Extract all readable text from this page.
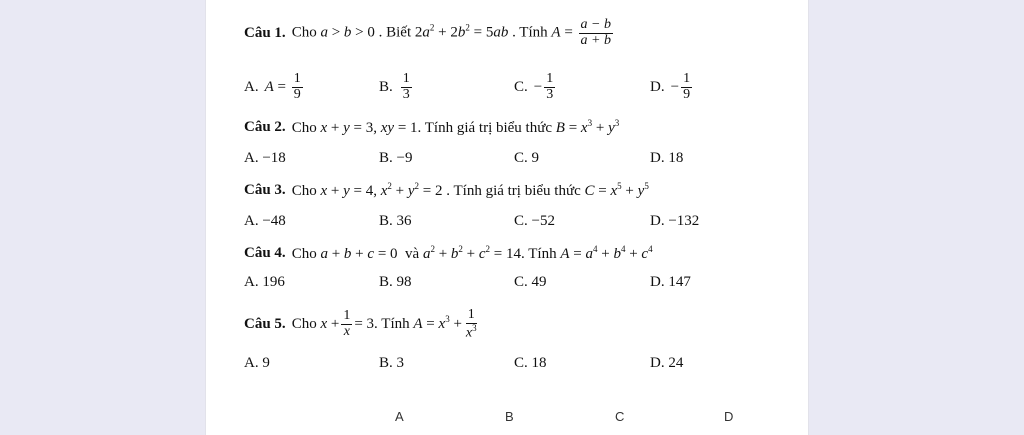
Câu 1. Cho a > b > 0 . Biết $2a^2 + 2b^2 = 5ab$ . Tính $A = \frac{a - b}{a + b}$
A. $A = \frac{1}{9}$	B. $\frac{1}{3}$	C. − $\frac{1}{3}$	D. − $\frac{1}{9}$
Câu 2. Cho x + y = 3, xy = 1. Tính giá trị biểu thức $B = x^3 + y^3$
A. −18	B. −9	C. 9	D. 18
Câu 3. Cho x + y = 4, $x^2 + y^2 = 2$ . Tính giá trị biểu thức $C = x^5 + y^5$
A. −48	B. 36	C. −52	D. −132
Câu 4. Cho a + b + c = 0  và $a^2 + b^2 + c^2 = 14$. Tính $A = a^4 + b^4 + c^4$
A. 196	B. 98	C. 49	D. 147
Câu 5. Cho $x + \frac{1}{x} = 3$. Tính $A = x^3 + \frac{1}{x^3}$
A. 9	B. 3	C. 18	D. 24
A	B	C	D
